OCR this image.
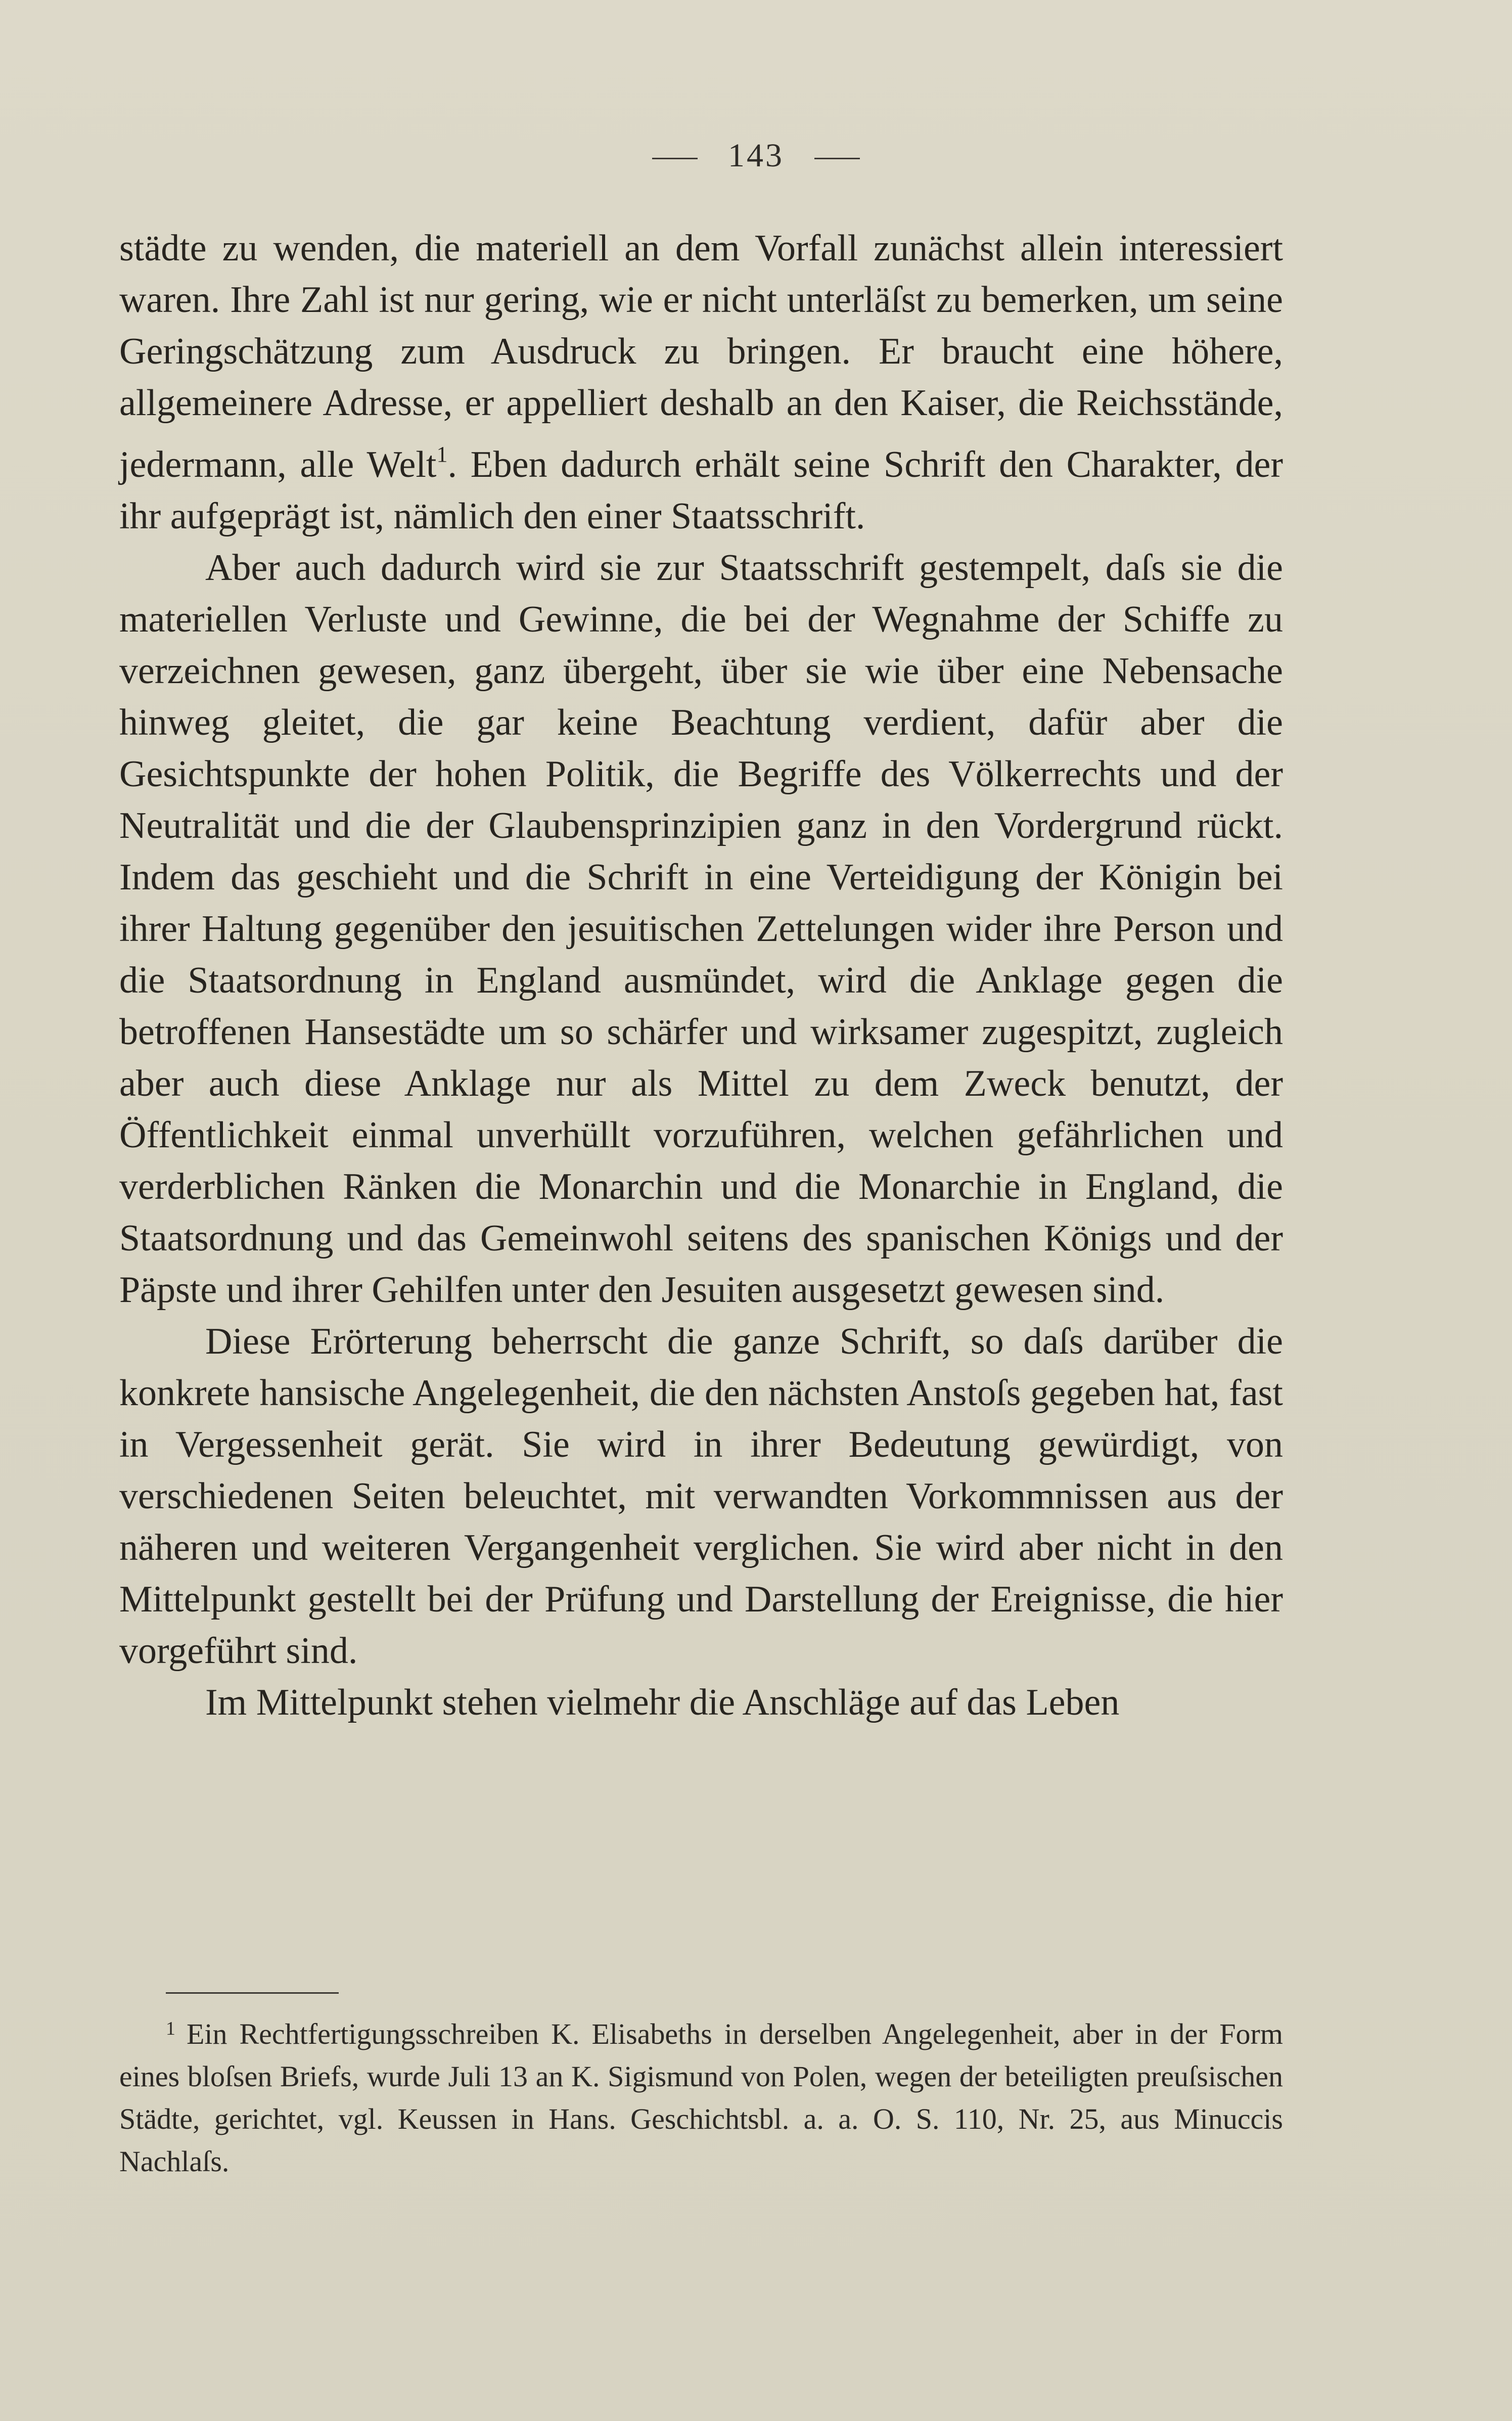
143

städte zu wenden, die materiell an dem Vorfall zunächst allein interessiert waren. Ihre Zahl ist nur gering, wie er nicht unterläſst zu bemerken, um seine Geringschätzung zum Ausdruck zu bringen. Er braucht eine höhere, allgemeinere Adresse, er appelliert deshalb an den Kaiser, die Reichsstände, jedermann, alle Welt$^1$. Eben dadurch erhält seine Schrift den Charakter, der ihr aufgeprägt ist, nämlich den einer Staatsschrift.

Aber auch dadurch wird sie zur Staatsschrift gestempelt, daſs sie die materiellen Verluste und Gewinne, die bei der Wegnahme der Schiffe zu verzeichnen gewesen, ganz übergeht, über sie wie über eine Nebensache hinweg gleitet, die gar keine Beachtung verdient, dafür aber die Gesichtspunkte der hohen Politik, die Begriffe des Völkerrechts und der Neutralität und die der Glaubensprinzipien ganz in den Vordergrund rückt. Indem das geschieht und die Schrift in eine Verteidigung der Königin bei ihrer Haltung gegenüber den jesuitischen Zettelungen wider ihre Person und die Staatsordnung in England ausmündet, wird die Anklage gegen die betroffenen Hansestädte um so schärfer und wirksamer zugespitzt, zugleich aber auch diese Anklage nur als Mittel zu dem Zweck benutzt, der Öffentlichkeit einmal unverhüllt vorzuführen, welchen gefährlichen und verderblichen Ränken die Monarchin und die Monarchie in England, die Staatsordnung und das Gemeinwohl seitens des spanischen Königs und der Päpste und ihrer Gehilfen unter den Jesuiten ausgesetzt gewesen sind.

Diese Erörterung beherrscht die ganze Schrift, so daſs darüber die konkrete hansische Angelegenheit, die den nächsten Anstoſs gegeben hat, fast in Vergessenheit gerät. Sie wird in ihrer Bedeutung gewürdigt, von verschiedenen Seiten beleuchtet, mit verwandten Vorkommnissen aus der näheren und weiteren Vergangenheit verglichen. Sie wird aber nicht in den Mittelpunkt gestellt bei der Prüfung und Darstellung der Ereignisse, die hier vorgeführt sind.

Im Mittelpunkt stehen vielmehr die Anschläge auf das Leben

$^1$ Ein Rechtfertigungsschreiben K. Elisabeths in derselben Angelegenheit, aber in der Form eines bloſsen Briefs, wurde Juli 13 an K. Sigismund von Polen, wegen der beteiligten preuſsischen Städte, gerichtet, vgl. Keussen in Hans. Geschichtsbl. a. a. O. S. 110, Nr. 25, aus Minuccis Nachlaſs.
